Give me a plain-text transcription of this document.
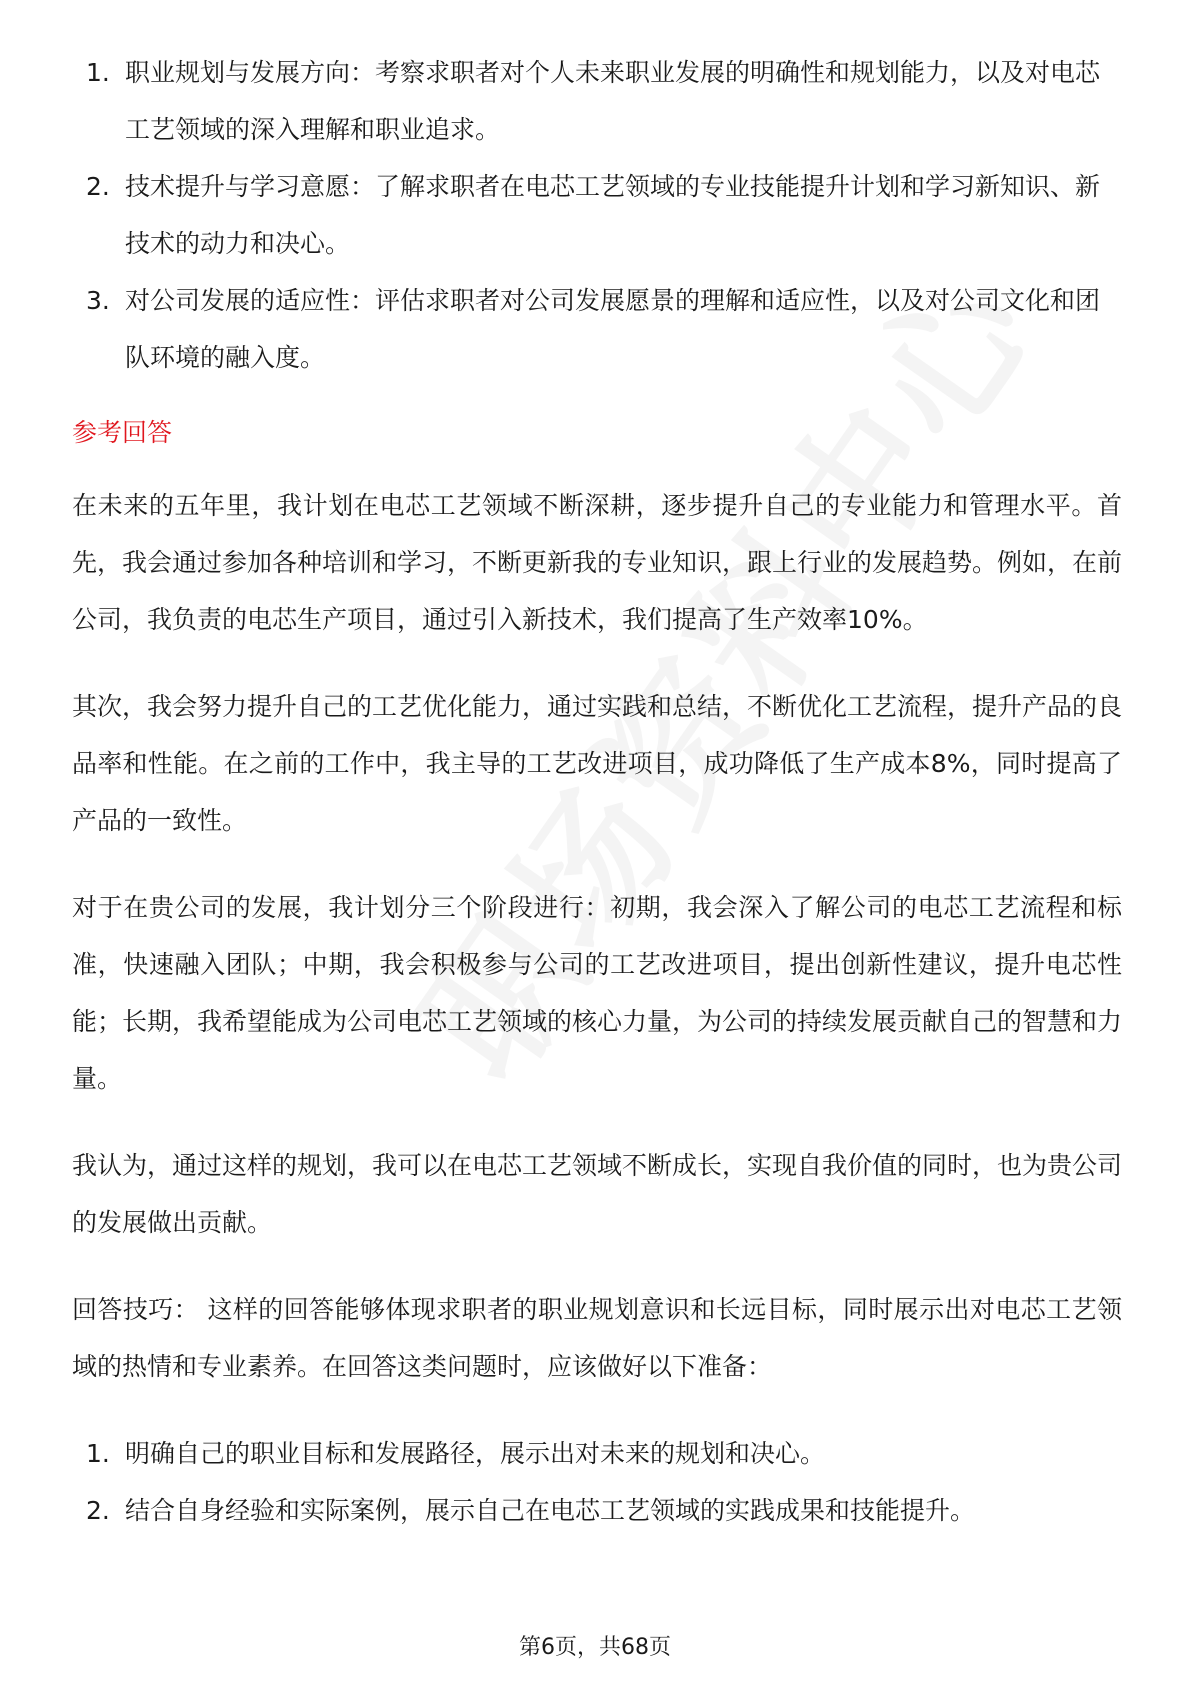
1. 职业规划与发展方向：考察求职者对个人未来职业发展的明确性和规划能力，以及对电芯工艺领域的深入理解和职业追求。
2. 技术提升与学习意愿：了解求职者在电芯工艺领域的专业技能提升计划和学习新知识、新技术的动力和决心。
3. 对公司发展的适应性：评估求职者对公司发展愿景的理解和适应性，以及对公司文化和团队环境的融入度。
参考回答

在未来的五年里，我计划在电芯工艺领域不断深耕，逐步提升自己的专业能力和管理水平。首先，我会通过参加各种培训和学习，不断更新我的专业知识，跟上行业的发展趋势。例如，在前公司，我负责的电芯生产项目，通过引入新技术，我们提高了生产效率10%。

其次，我会努力提升自己的工艺优化能力，通过实践和总结，不断优化工艺流程，提升产品的良品率和性能。在之前的工作中，我主导的工艺改进项目，成功降低了生产成本8%，同时提高了产品的一致性。

对于在贵公司的发展，我计划分三个阶段进行：初期，我会深入了解公司的电芯工艺流程和标准，快速融入团队；中期，我会积极参与公司的工艺改进项目，提出创新性建议，提升电芯性能；长期，我希望能成为公司电芯工艺领域的核心力量，为公司的持续发展贡献自己的智慧和力量。

我认为，通过这样的规划，我可以在电芯工艺领域不断成长，实现自我价值的同时，也为贵公司的发展做出贡献。

回答技巧： 这样的回答能够体现求职者的职业规划意识和长远目标，同时展示出对电芯工艺领域的热情和专业素养。在回答这类问题时，应该做好以下准备：

1. 明确自己的职业目标和发展路径，展示出对未来的规划和决心。
2. 结合自身经验和实际案例，展示自己在电芯工艺领域的实践成果和技能提升。
第6页，共68页
